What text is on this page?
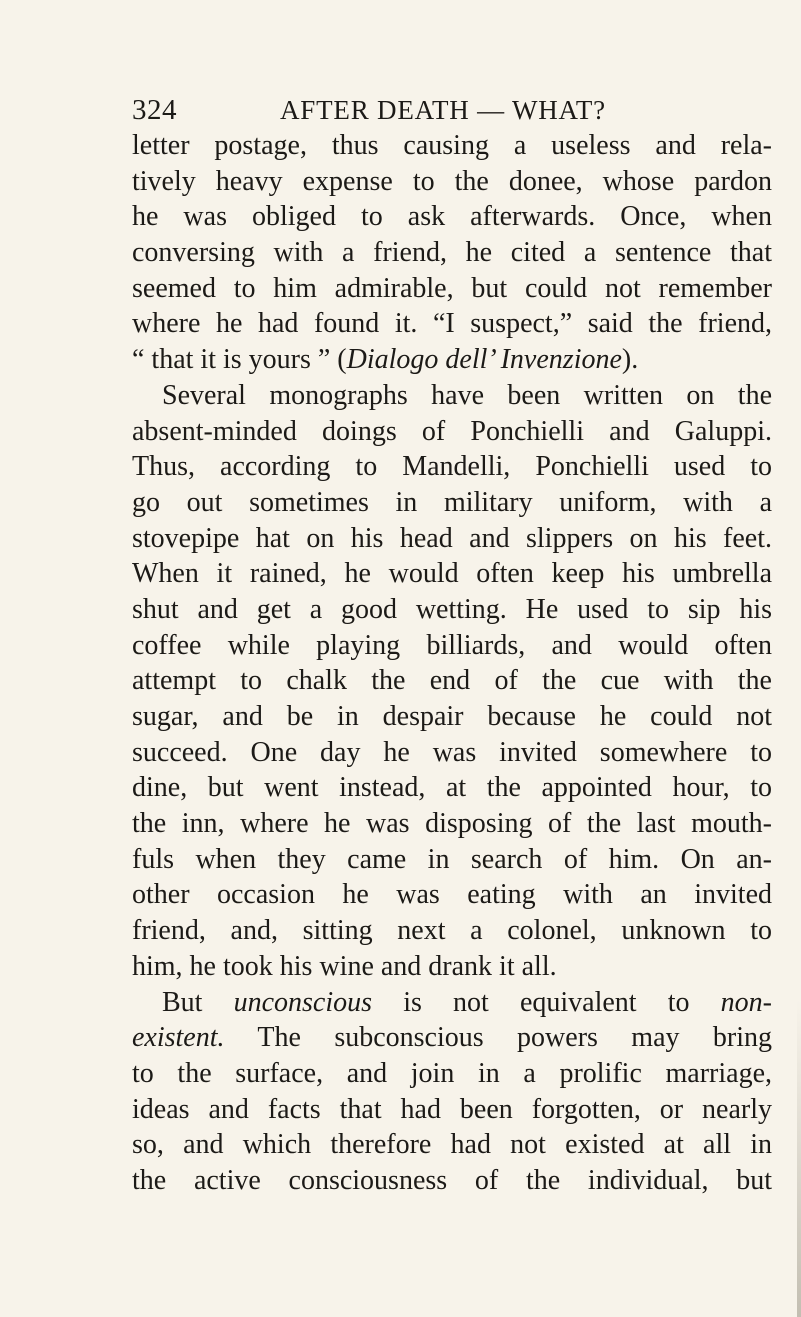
324	AFTER DEATH — WHAT?
letter postage, thus causing a useless and rela-
tively heavy expense to the donee, whose pardon
he was obliged to ask afterwards. Once, when
conversing with a friend, he cited a sentence that
seemed to him admirable, but could not remember
where he had found it. “I suspect,” said the friend,
“ that it is yours ” (Dialogo dell’ Invenzione).
Several monographs have been written on the
absent-minded doings of Ponchielli and Galuppi.
Thus, according to Mandelli, Ponchielli used to
go out sometimes in military uniform, with a
stovepipe hat on his head and slippers on his feet.
When it rained, he would often keep his umbrella
shut and get a good wetting. He used to sip his
coffee while playing billiards, and would often
attempt to chalk the end of the cue with the
sugar, and be in despair because he could not
succeed. One day he was invited somewhere to
dine, but went instead, at the appointed hour, to
the inn, where he was disposing of the last mouth-
fuls when they came in search of him. On an-
other occasion he was eating with an invited
friend, and, sitting next a colonel, unknown to
him, he took his wine and drank it all.
But unconscious is not equivalent to non-
existent. The subconscious powers may bring
to the surface, and join in a prolific marriage,
ideas and facts that had been forgotten, or nearly
so, and which therefore had not existed at all in
the active consciousness of the individual, but
